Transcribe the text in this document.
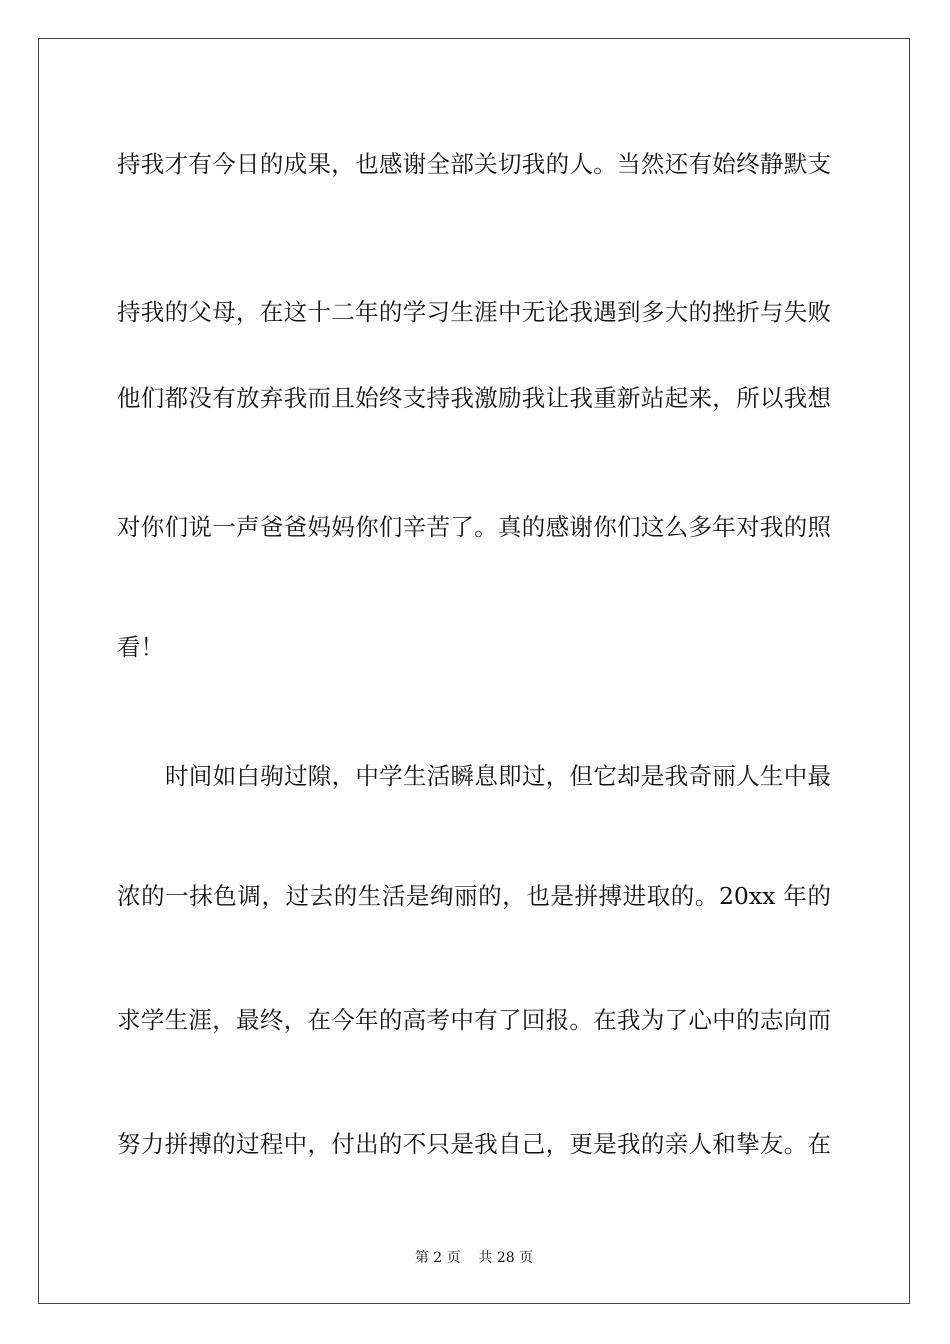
持我才有今日的成果，也感谢全部关切我的人。当然还有始终静默支
持我的父母，在这十二年的学习生涯中无论我遇到多大的挫折与失败
他们都没有放弃我而且始终支持我激励我让我重新站起来，所以我想
对你们说一声爸爸妈妈你们辛苦了。真的感谢你们这么多年对我的照
看！
时间如白驹过隙，中学生活瞬息即过，但它却是我奇丽人生中最
浓的一抹色调，过去的生活是绚丽的，也是拼搏进取的。20xx 年的
求学生涯，最终，在今年的高考中有了回报。在我为了心中的志向而
努力拼搏的过程中，付出的不只是我自己，更是我的亲人和挚友。在
第 2 页    共 28 页
